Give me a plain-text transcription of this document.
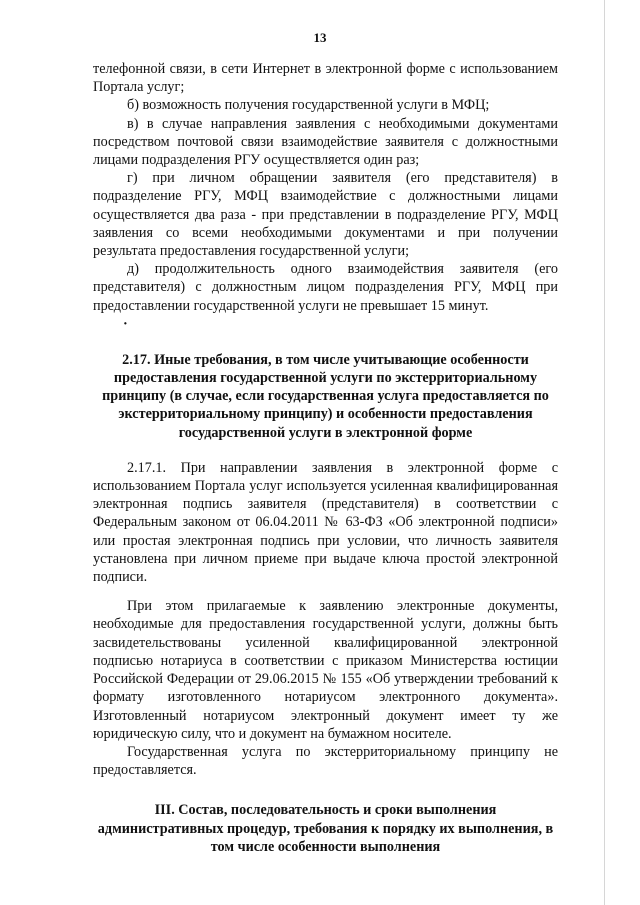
13

телефонной связи, в сети Интернет в электронной форме с использованием Портала услуг;

б) возможность получения государственной услуги в МФЦ;

в) в случае направления заявления с необходимыми документами посредством почтовой связи взаимодействие заявителя с должностными лицами подразделения РГУ осуществляется один раз;

г) при личном обращении заявителя (его представителя) в подразделение РГУ, МФЦ взаимодействие с должностными лицами осуществляется два раза - при представлении в подразделение РГУ, МФЦ заявления со всеми необходимыми документами и при получении результата предоставления государственной услуги;

д) продолжительность одного взаимодействия заявителя (его представителя) с должностным лицом подразделения РГУ, МФЦ при предоставлении государственной услуги не превышает 15 минут.

·

2.17. Иные требования, в том числе учитывающие особенности предоставления государственной услуги по экстерриториальному принципу (в случае, если государственная услуга предоставляется по экстерриториальному принципу) и особенности предоставления государственной услуги в электронной форме

2.17.1. При направлении заявления в электронной форме с использованием Портала услуг используется усиленная квалифицированная электронная подпись заявителя (представителя) в соответствии с Федеральным законом от 06.04.2011 № 63-ФЗ «Об электронной подписи» или простая электронная подпись при условии, что личность заявителя установлена при личном приеме при выдаче ключа простой электронной подписи.

При этом прилагаемые к заявлению электронные документы, необходимые для предоставления государственной услуги, должны быть засвидетельствованы усиленной квалифицированной электронной подписью нотариуса в соответствии с приказом Министерства юстиции Российской Федерации от 29.06.2015 № 155 «Об утверждении требований к формату изготовленного нотариусом электронного документа». Изготовленный нотариусом электронный документ имеет ту же юридическую силу, что и документ на бумажном носителе.

Государственная услуга по экстерриториальному принципу не предоставляется.

III. Состав, последовательность и сроки выполнения административных процедур, требования к порядку их выполнения, в том числе особенности выполнения
